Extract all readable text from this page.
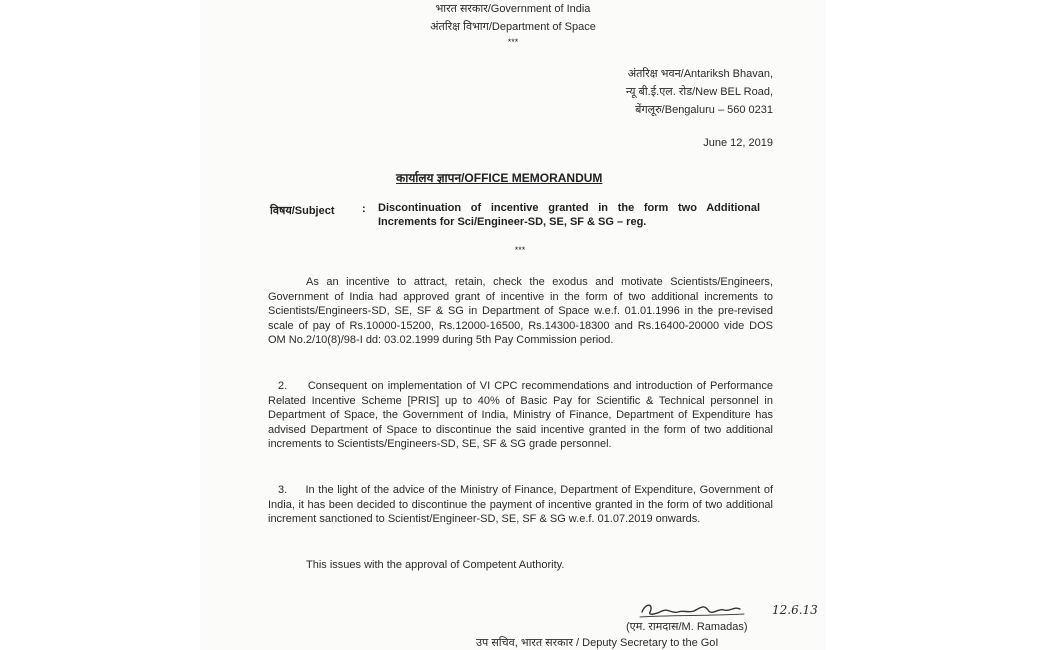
भारत सरकार/Government of India
अंतरिक्ष विभाग/Department of Space
***
अंतरिक्ष भवन/Antariksh Bhavan,
न्यू बी.ई.एल. रोड/New BEL Road,
बेंगलूरु/Bengaluru – 560 0231
June 12, 2019
कार्यालय ज्ञापन/OFFICE MEMORANDUM
विषय/Subject	: Discontinuation of incentive granted in the form two Additional Increments for Sci/Engineer-SD, SE, SF & SG – reg.
***
As an incentive to attract, retain, check the exodus and motivate Scientists/Engineers, Government of India had approved grant of incentive in the form of two additional increments to Scientists/Engineers-SD, SE, SF & SG in Department of Space w.e.f. 01.01.1996 in the pre-revised scale of pay of Rs.10000-15200, Rs.12000-16500, Rs.14300-18300 and Rs.16400-20000 vide DOS OM No.2/10(8)/98-I dd: 03.02.1999 during 5th Pay Commission period.
2.     Consequent on implementation of VI CPC recommendations and introduction of Performance Related Incentive Scheme [PRIS] up to 40% of Basic Pay for Scientific & Technical personnel in Department of Space, the Government of India, Ministry of Finance, Department of Expenditure has advised Department of Space to discontinue the said incentive granted in the form of two additional increments to Scientists/Engineers-SD, SE, SF & SG grade personnel.
3.     In the light of the advice of the Ministry of Finance, Department of Expenditure, Government of India, it has been decided to discontinue the payment of incentive granted in the form of two additional increment sanctioned to Scientist/Engineer-SD, SE, SF & SG w.e.f. 01.07.2019 onwards.
This issues with the approval of Competent Authority.
12.6.13
(एम. रामदास/M. Ramadas)
उप सचिव, भारत सरकार / Deputy Secretary to the GoI
